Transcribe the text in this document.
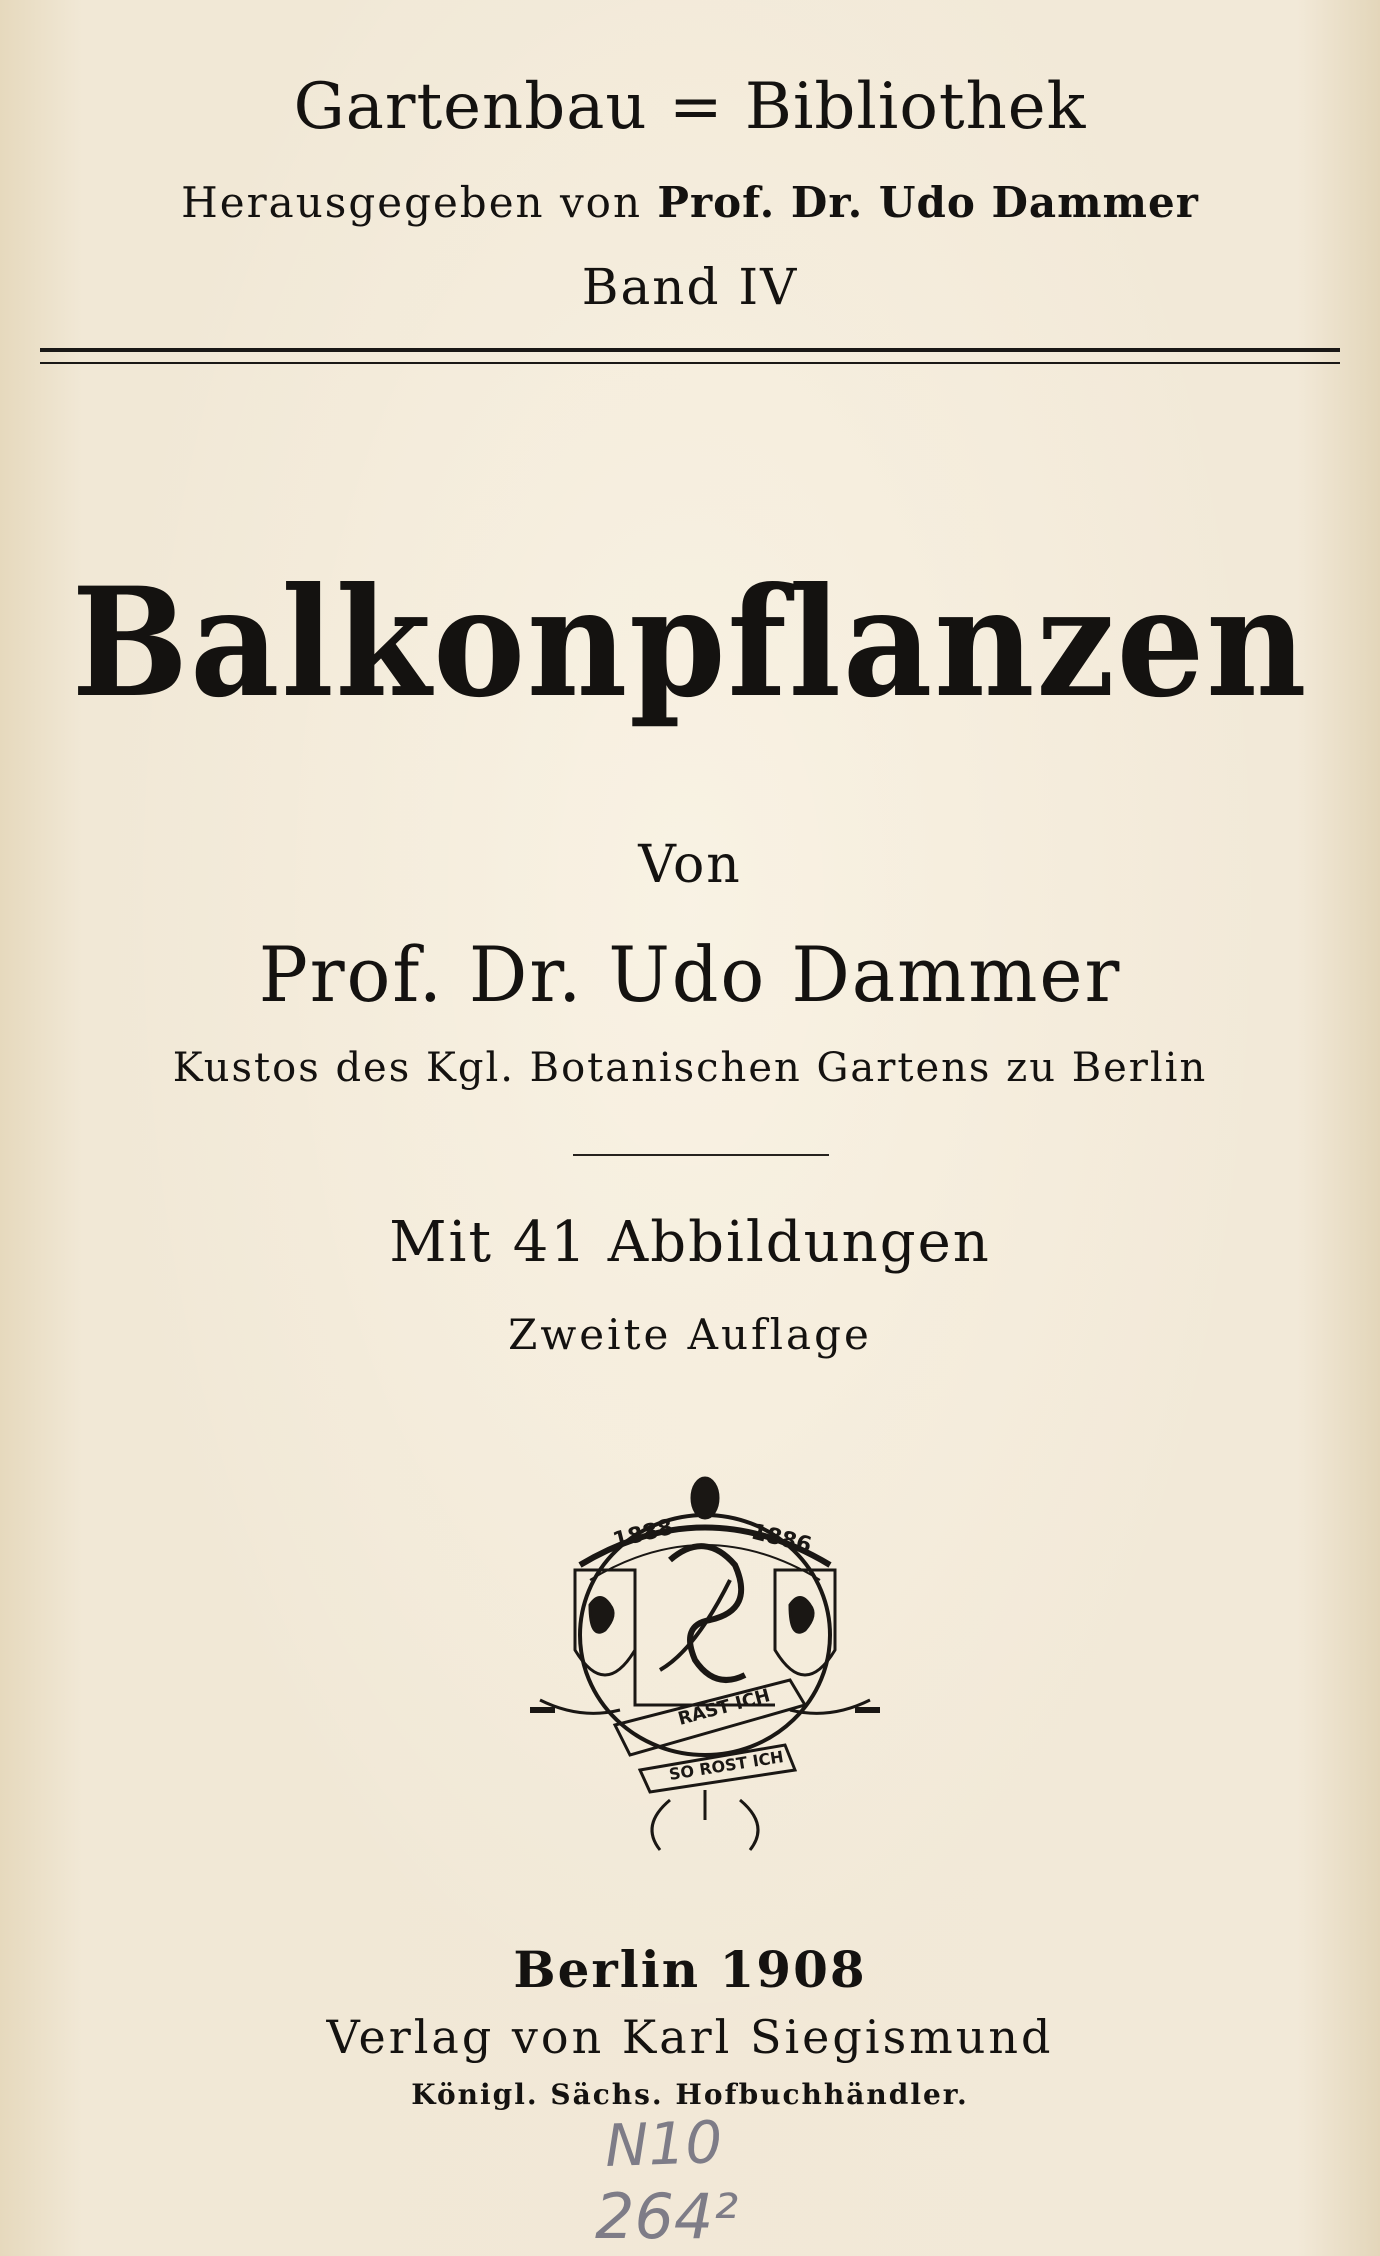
Gartenbau = Bibliothek
Herausgegeben von Prof. Dr. Udo Dammer
Band IV
Balkonpflanzen
Von
Prof. Dr. Udo Dammer
Kustos des Kgl. Botanischen Gartens zu Berlin
Mit 41 Abbildungen
Zweite Auflage
1888	1886
RAST ICH
SO ROST ICH
Berlin 1908
Verlag von Karl Siegismund
Königl. Sächs. Hofbuchhändler.
N10
264²
